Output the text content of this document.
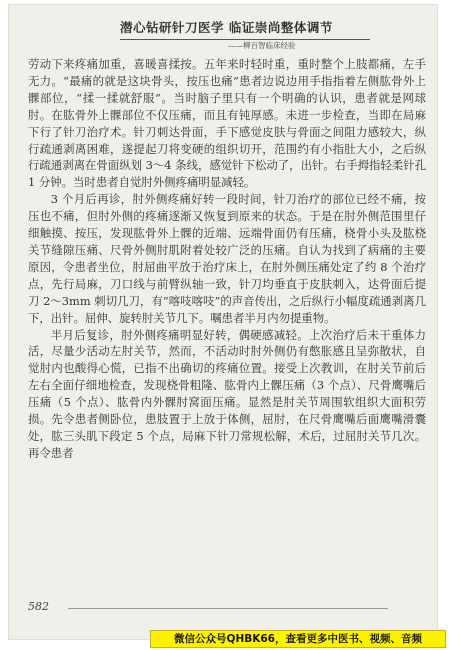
潜心钻研针刀医学 临证崇尚整体调节
——柳百智临床经验

劳动下来疼痛加重，喜暖喜揉按。五年来时轻时重，重时整个上肢都痛，左手无力。“最痛的就是这块骨头，按压也痛”患者边说边用手指指着左侧肱骨外上髁部位，“揉一揉就舒服”。当时脑子里只有一个明确的认识，患者就是网球肘。在肱骨外上髁部位不仅压痛，而且有钝厚感。未进一步检查，当即在局麻下行了针刀治疗术。针刀刺达骨面，手下感觉皮肤与骨面之间阻力感较大，纵行疏通剥离困难，遂提起刀将变硬的组织切开，范围约有小指肚大小，之后纵行疏通剥离在骨面纵划 3～4 条线，感觉针下松动了，出针。右手拇指轻柔针孔 1 分钟。当时患者自觉肘外侧疼痛明显减轻。

3 个月后再诊，肘外侧疼痛好转一段时间，针刀治疗的部位已经不痛，按压也不痛，但肘外侧的疼痛逐渐又恢复到原来的状态。于是在肘外侧范围里仔细触摸、按压，发现肱骨外上髁的近端、远端骨面仍有压痛，桡骨小头及肱桡关节缝隙压痛、尺骨外侧肘肌附着处较广泛的压痛。自认为找到了病痛的主要原因，令患者坐位，肘屈曲平放于治疗床上，在肘外侧压痛处定了约 8 个治疗点，先行局麻，刀口线与前臂纵轴一致，针刀均垂直于皮肤刺入，达骨面后提刀 2～3mm 刺切几刀，有“喀吱喀吱”的声音传出，之后纵行小幅度疏通剥离几下，出针。屈伸、旋转肘关节几下。嘱患者半月内勿提重物。

半月后复诊，肘外侧疼痛明显好转，偶硬感减轻。上次治疗后未干重体力活，尽量少活动左肘关节，然而，不活动时肘外侧仍有憋胀感且呈弥散状，自觉肘内也酸得心慌，已指不出确切的疼痛位置。接受上次教训，在肘关节前后左右全面仔细地检查，发现桡骨粗隆、肱骨内上髁压痛（3 个点）、尺骨鹰嘴后压痛（5 个点）、肱骨内外髁肘窝面压痛。显然是肘关节周围软组织大面积劳损。先令患者侧卧位，患肢置于上放于体侧，屈肘，在尺骨鹰嘴后面鹰嘴滑囊处，肱三头肌下段定 5 个点，局麻下针刀常规松解，术后，过屈肘关节几次。再令患者

582
微信公众号QHBK66，查看更多中医书、视频、音频
